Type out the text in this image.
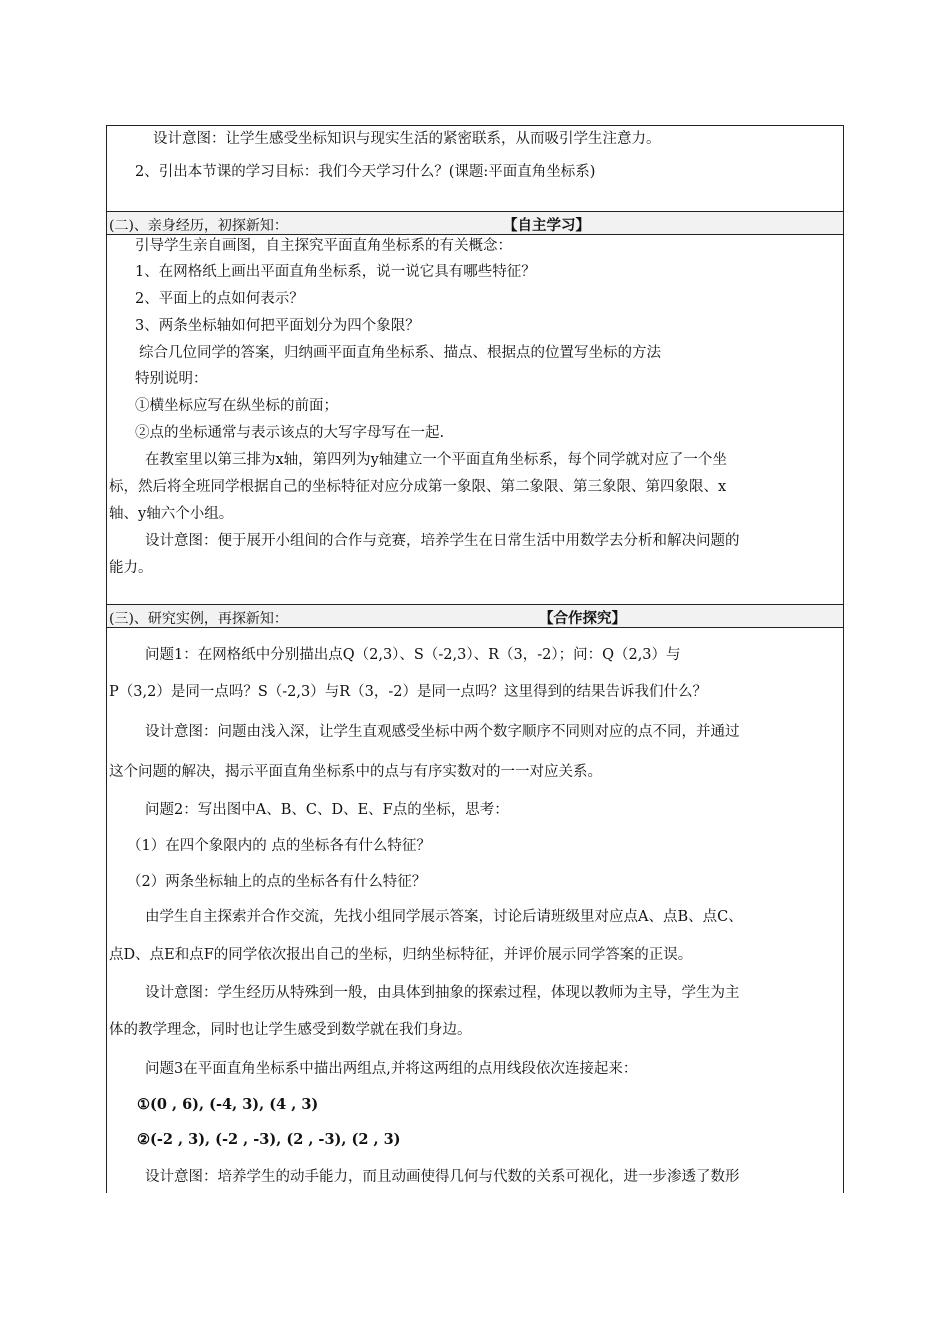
设计意图：让学生感受坐标知识与现实生活的紧密联系，从而吸引学生注意力。
2、引出本节课的学习目标：我们今天学习什么？(课题:平面直角坐标系)
(二)、亲身经历，初探新知：	【自主学习】
引导学生亲自画图，自主探究平面直角坐标系的有关概念：
1、在网格纸上画出平面直角坐标系，说一说它具有哪些特征？
2、平面上的点如何表示？
3、两条坐标轴如何把平面划分为四个象限？
综合几位同学的答案，归纳画平面直角坐标系、描点、根据点的位置写坐标的方法
特别说明：
①横坐标应写在纵坐标的前面；
②点的坐标通常与表示该点的大写字母写在一起.
在教室里以第三排为x轴，第四列为y轴建立一个平面直角坐标系，每个同学就对应了一个坐
标，然后将全班同学根据自己的坐标特征对应分成第一象限、第二象限、第三象限、第四象限、x
轴、y轴六个小组。
设计意图：便于展开小组间的合作与竞赛，培养学生在日常生活中用数学去分析和解决问题的
能力。
(三)、研究实例，再探新知：	【合作探究】
问题1：在网格纸中分别描出点Q（2,3）、S（-2,3）、R（3，-2）；问：Q（2,3）与
P（3,2）是同一点吗？S（-2,3）与R（3，-2）是同一点吗？这里得到的结果告诉我们什么？
设计意图：问题由浅入深，让学生直观感受坐标中两个数字顺序不同则对应的点不同，并通过
这个问题的解决，揭示平面直角坐标系中的点与有序实数对的一一对应关系。
问题2：写出图中A、B、C、D、E、F点的坐标，思考：
（1）在四个象限内的 点的坐标各有什么特征？
（2）两条坐标轴上的点的坐标各有什么特征？
由学生自主探索并合作交流，先找小组同学展示答案，讨论后请班级里对应点A、点B、点C、
点D、点E和点F的同学依次报出自己的坐标，归纳坐标特征，并评价展示同学答案的正误。
设计意图：学生经历从特殊到一般，由具体到抽象的探索过程，体现以教师为主导，学生为主
体的教学理念，同时也让学生感受到数学就在我们身边。
问题3在平面直角坐标系中描出两组点,并将这两组的点用线段依次连接起来：
①(0 , 6), (-4, 3), (4 , 3)
②(-2 , 3), (-2 , -3), (2 , -3), (2 , 3)
设计意图：培养学生的动手能力，而且动画使得几何与代数的关系可视化，进一步渗透了数形
